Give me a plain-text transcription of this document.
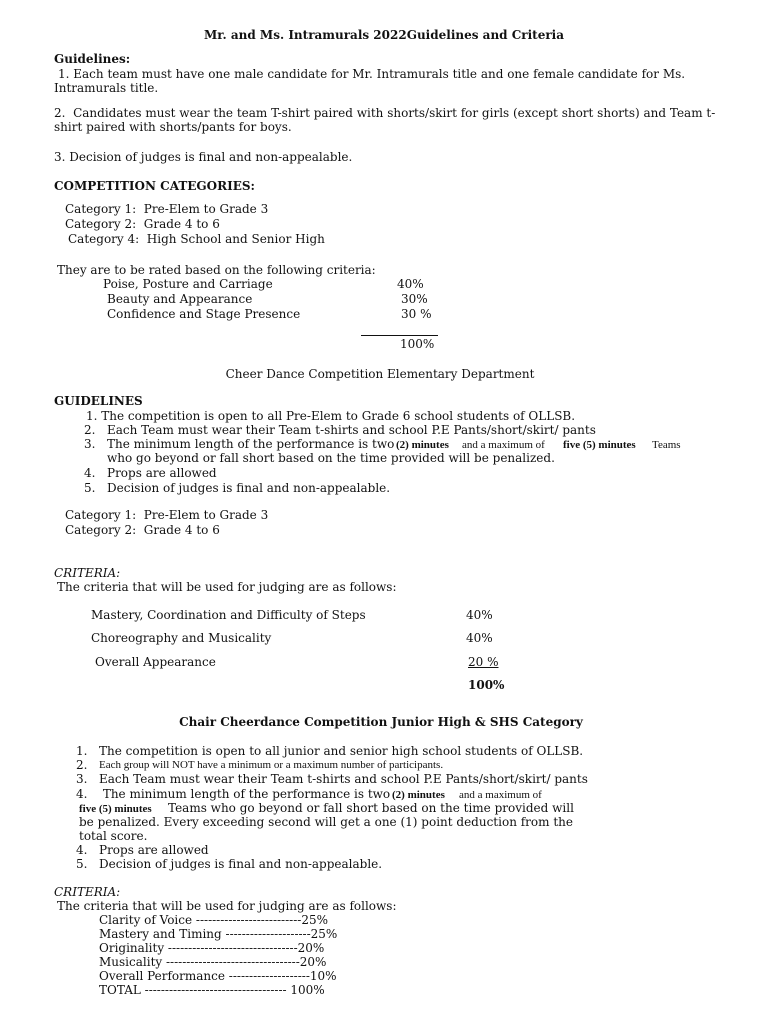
Mr. and Ms. Intramurals 2022Guidelines and Criteria
Guidelines:
1. Each team must have one male candidate for Mr. Intramurals title and one female candidate for Ms.
Intramurals title.
2.  Candidates must wear the team T-shirt paired with shorts/skirt for girls (except short shorts) and Team t-
shirt paired with shorts/pants for boys.
3. Decision of judges is final and non-appealable.
COMPETITION CATEGORIES:
Category 1:  Pre-Elem to Grade 3
Category 2:  Grade 4 to 6
Category 4:  High School and Senior High
They are to be rated based on the following criteria:
Poise, Posture and Carriage	40%
Beauty and Appearance	30%
Confidence and Stage Presence	30 %
100%
Cheer Dance Competition Elementary Department
GUIDELINES
1. The competition is open to all Pre-Elem to Grade 6 school students of OLLSB.
2. Each Team must wear their Team t-shirts and school P.E Pants/short/skirt/ pants
3. The minimum length of the performance is two
(2) minutes and a maximum of five (5) minutes Teams
who go beyond or fall short based on the time provided will be penalized.
4. Props are allowed
5. Decision of judges is final and non-appealable.
Category 1:  Pre-Elem to Grade 3
Category 2:  Grade 4 to 6
CRITERIA:
The criteria that will be used for judging are as follows:
Mastery, Coordination and Difficulty of Steps	40%
Choreography and Musicality	40%
Overall Appearance	20 %
100%
Chair Cheerdance Competition Junior High & SHS Category
1. The competition is open to all junior and senior high school students of OLLSB.
2. Each group will NOT have a minimum or a maximum number of participants.
3. Each Team must wear their Team t-shirts and school P.E Pants/short/skirt/ pants
4. The minimum length of the performance is two
(2) minutes and a maximum of
five (5) minutes Teams who go beyond or fall short based on the time provided will
be penalized. Every exceeding second will get a one (1) point deduction from the
total score.
4. Props are allowed
5. Decision of judges is final and non-appealable.
CRITERIA:
The criteria that will be used for judging are as follows:
Clarity of Voice --------------------------25%
Mastery and Timing ---------------------25%
Originality --------------------------------20%
Musicality ---------------------------------20%
Overall Performance --------------------10%
TOTAL ----------------------------------- 100%
